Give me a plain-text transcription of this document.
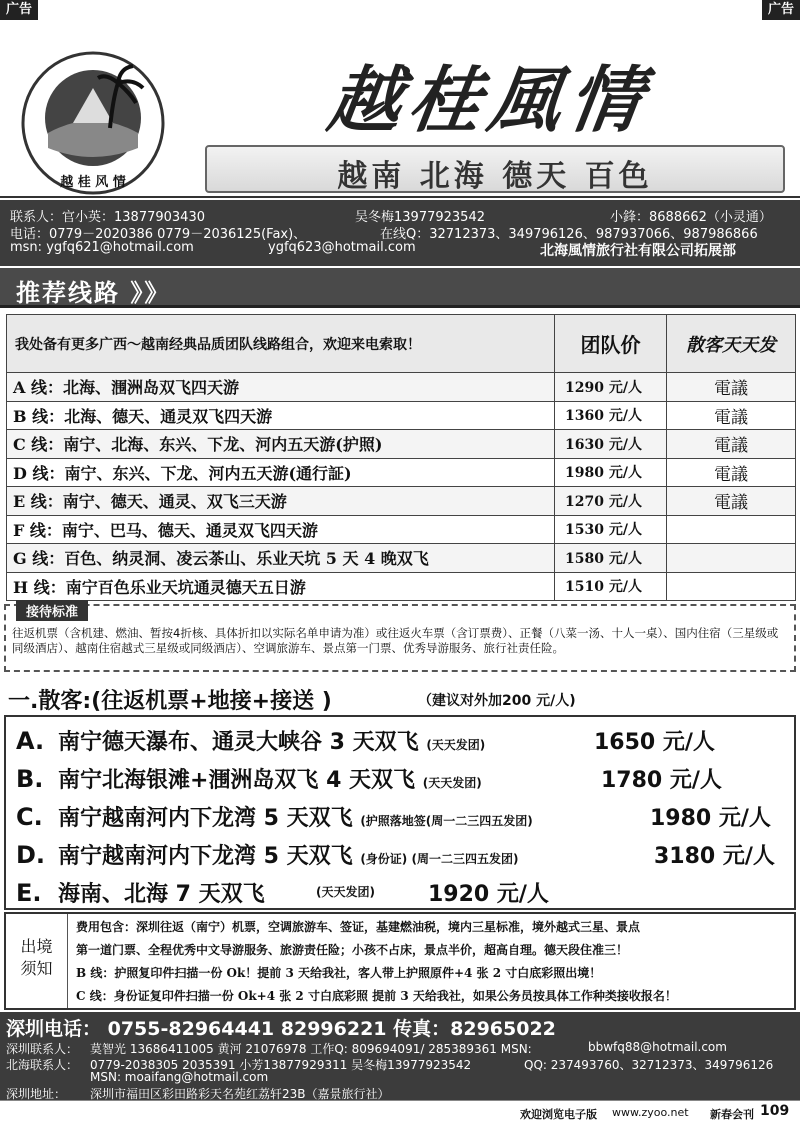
广告	广告
越 桂 风 情
越桂風情
越南 北海 德天 百色
联系人：官小英：13877903430	吴冬梅13977923542	小鋒：8688662（小灵通）
电话：0779－2020386 0779－2036125(Fax)、	在线Q：32712373、349796126、987937066、987986866
msn: ygfq621@hotmail.com	ygfq623@hotmail.com	北海風情旅行社有限公司拓展部
推荐线路 》》
我处备有更多广西～越南经典品质团队线路组合，欢迎来电索取！	团队价	散客天天发
A 线：北海、涠洲岛双飞四天游	1290 元/人	電議
B 线：北海、德天、通灵双飞四天游	1360 元/人	電議
C 线：南宁、北海、东兴、下龙、河内五天游(护照)	1630 元/人	電議
D 线：南宁、东兴、下龙、河内五天游(通行証)	1980 元/人	電議
E 线：南宁、德天、通灵、双飞三天游	1270 元/人	電議
F 线：南宁、巴马、德天、通灵双飞四天游	1530 元/人	
G 线：百色、纳灵洞、凌云茶山、乐业天坑 5 天 4 晚双飞	1580 元/人	
H 线：南宁百色乐业天坑通灵德天五日游	1510 元/人	
接待标准
往返机票（含机建、燃油、暂按4折核、具体折扣以实际名单申请为准）或往返火车票（含订票费）、正餐（八菜一汤、十人一桌）、国内住宿（三星级或同级酒店）、越南住宿越式三星级或同级酒店）、空调旅游车、景点第一门票、优秀导游服务、旅行社责任险。
一.散客:(往返机票+地接+接送 )	（建议对外加200 元/人)
A. 南宁德天瀑布、通灵大峡谷 3 天双飞 (天天发团)	1650 元/人
B. 南宁北海银滩+涠洲岛双飞 4 天双飞 (天天发团)	1780 元/人
C. 南宁越南河内下龙湾 5 天双飞 (护照落地签(周一二三四五发团)	1980 元/人
D. 南宁越南河内下龙湾 5 天双飞 (身份证) (周一二三四五发团)	3180 元/人
E. 海南、北海 7 天双飞	(天天发团) 1920 元/人
出境
须知
费用包含：深圳往返（南宁）机票，空调旅游车、签证，基建燃油税，境内三星标准，境外越式三星、景点
第一道门票、全程优秀中文导游服务、旅游责任险；小孩不占床，景点半价，超高自理。德天段住准三！
B 线：护照复印件扫描一份 Ok！提前 3 天给我社，客人带上护照原件+4 张 2 寸白底彩照出境！
C 线：身份证复印件扫描一份 Ok+4 张 2 寸白底彩照 提前 3 天给我社，如果公务员按具体工作种类接收报名！
深圳电话： 0755-82964441 82996221 传真：82965022
深圳联系人： 莫智光 13686411005 黄河 21076978 工作Q: 809694091/ 285389361 MSN:	bbwfq88@hotmail.com
北海联系人： 0779-2038305 2035391 小芳13877929311 吴冬梅13977923542	QQ: 237493760、32712373、349796126
MSN: moaifang@hotmail.com
深圳地址： 深圳市福田区彩田路彩天名苑红荔轩23B（嘉景旅行社）
欢迎浏览电子版 www.zyoo.net 新春会刊 109
